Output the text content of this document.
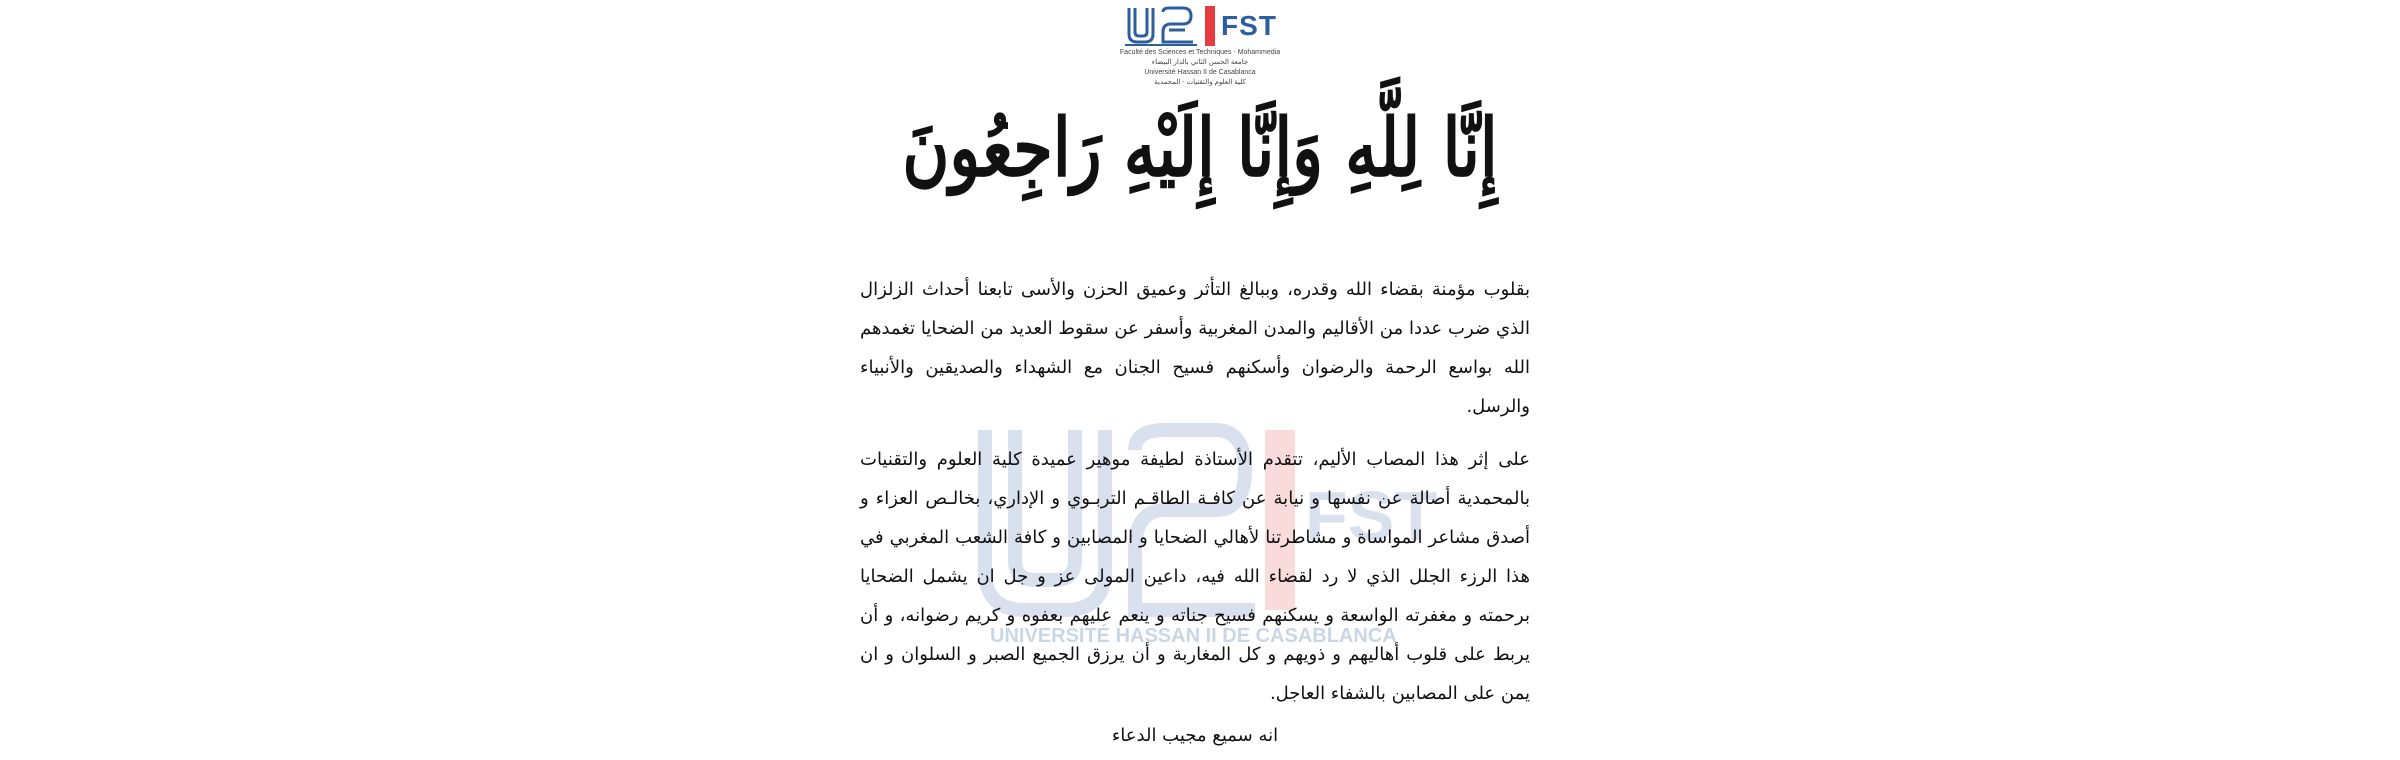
FST
Faculté des Sciences et Techniques - Mohammedia
جامعة الحسن الثاني بالدار البيضاء
Université Hassan II de Casablanca
كلية العلوم والتقنيات - المحمدية
إِنَّا لِلَّهِ وَإِنَّا إِلَيْهِ رَاجِعُونَ
FST
UNIVERSITÉ HASSAN II DE CASABLANCA

بقلوب مؤمنة بقضاء الله وقدره، وببالغ التأثر وعميق الحزن والأسى تابعنا أحداث الزلزال الذي ضرب عددا من الأقاليم والمدن المغربية وأسفر عن سقوط العديد من الضحايا تغمدهم الله بواسع الرحمة والرضوان وأسكنهم فسيح الجنان مع الشهداء والصديقين والأنبياء والرسل.

على إثر هذا المصاب الأليم، تتقدم الأستاذة لطيفة موهير عميدة كلية العلوم والتقنيات بالمحمدية أصالة عن نفسها و نيابة عن كافـة الطاقـم التربـوي و الإداري، بخالـص العزاء و أصدق مشاعر المواساة و مشاطرتنا لأهالي الضحايا و المصابين و كافة الشعب المغربي في هذا الرزء الجلل الذي لا رد لقضاء الله فيه، داعين المولى عز و جل ان يشمل الضحايا برحمته و مغفرته الواسعة و يسكنهم فسيح جناته و ينعم عليهم بعفوه و كريم رضوانه، و أن يربط على قلوب أهاليهم و ذويهم و كل المغاربة و أن يرزق الجميع الصبر و السلوان و ان يمن على المصابين بالشفاء العاجل.

انه سميع مجيب الدعاء
